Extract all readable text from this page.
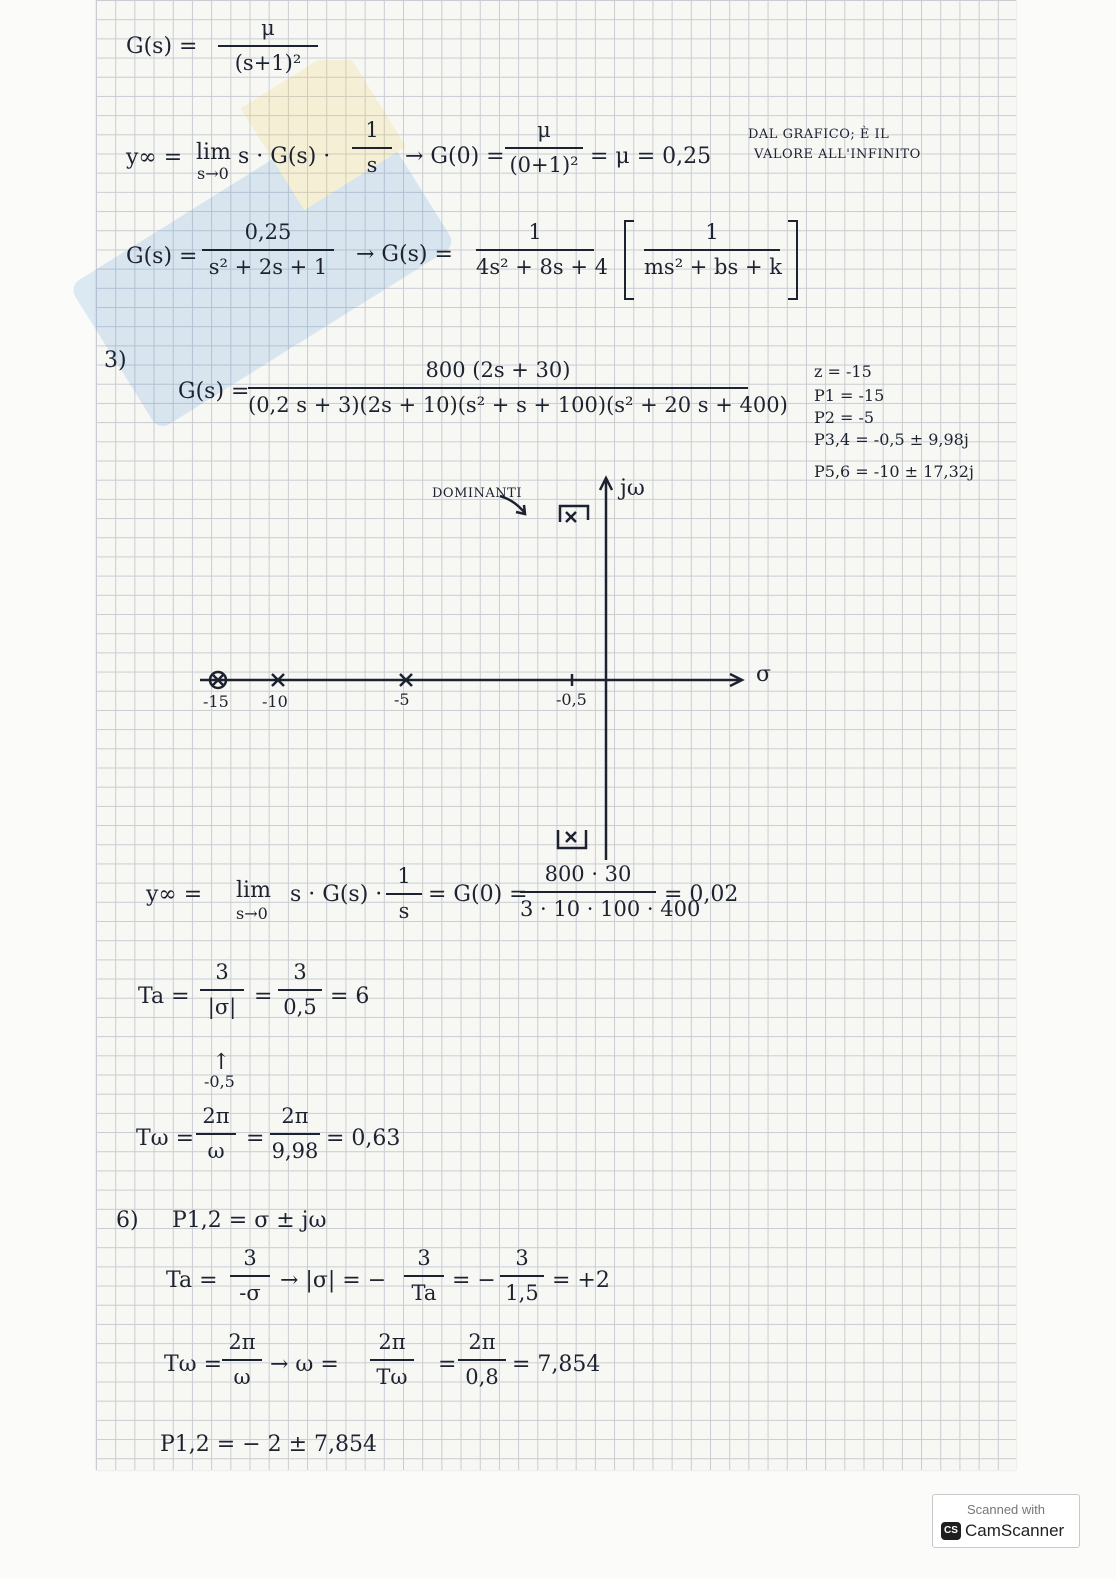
G(s) =
μ
(s+1)²
y∞ = lim
s→0
s · G(s) ·
1
s	→ G(0) =
μ
(0+1)² = μ = 0,25
DAL GRAFICO; È IL
VALORE ALL'INFINITO
G(s) =
0,25
s² + 2s + 1	→ G(s) =
1
4s² + 8s + 4
1
ms² + bs + k
3)
G(s) =
800 (2s + 30)
(0,2 s + 3)(2s + 10)(s² + s + 100)(s² + 20 s + 400)
z = -15
P1 = -15
P2 = -5
P3,4 = -0,5 ± 9,98j
P5,6 = -10 ± 17,32j
DOMINANTI	jω
σ
-15 -10	-5	-0,5
y∞ = lim
s→0
s · G(s) ·
1
s
= G(0) =
800 · 30
3 · 10 · 100 · 400
= 0,02
Ta =
3
|σ| =
3
0,5 = 6
↑
-0,5
Tω =
2π
ω =
2π
9,98 = 0,63
6) P1,2 = σ ± jω
Ta =
3
-σ → |σ| = −
3
Ta = −
3
1,5 = +2
Tω =
2π
ω → ω =
2π
Tω =
2π
0,8 = 7,854
P1,2 = − 2 ± 7,854
Scanned with
CS CamScanner
